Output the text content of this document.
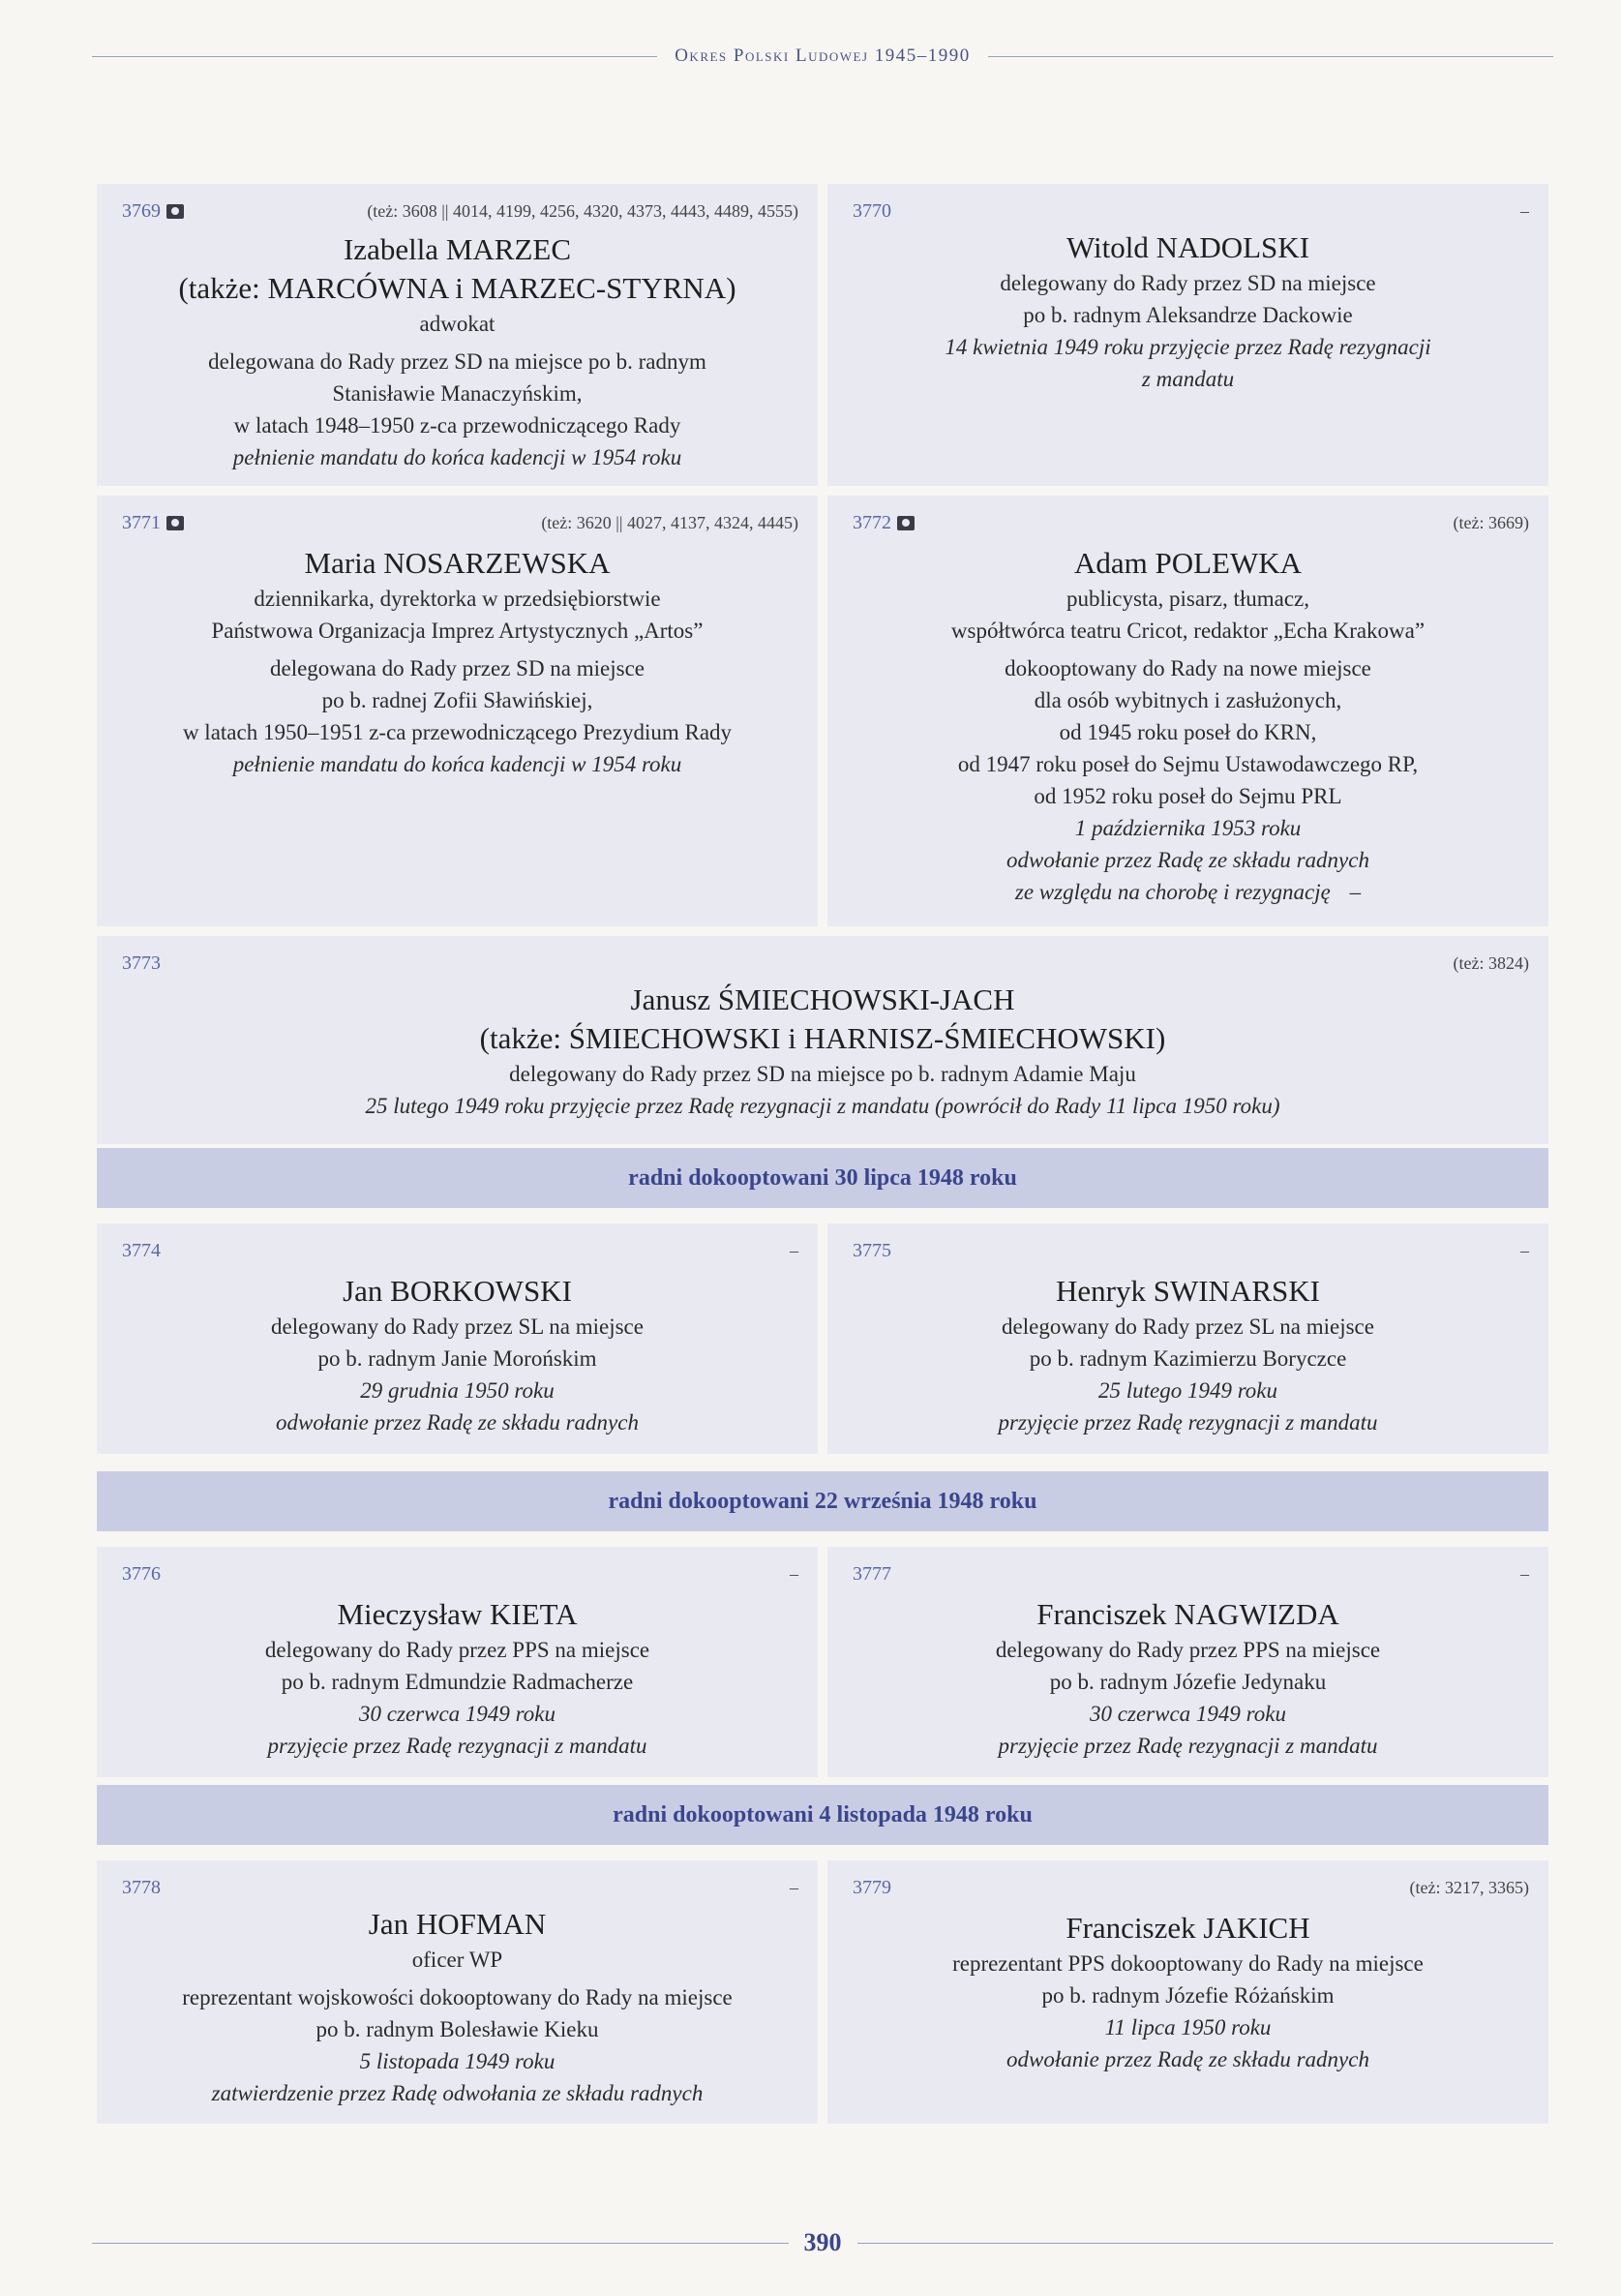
Okres Polski Ludowej 1945–1990
3769	(też: 3608 || 4014, 4199, 4256, 4320, 4373, 4443, 4489, 4555)
Izabella MARZEC
(także: MARCÓWNA i MARZEC-STYRNA)
adwokat
delegowana do Rady przez SD na miejsce po b. radnym
Stanisławie Manaczyńskim,
w latach 1948–1950 z-ca przewodniczącego Rady
pełnienie mandatu do końca kadencji w 1954 roku
3770	–
Witold NADOLSKI
delegowany do Rady przez SD na miejsce
po b. radnym Aleksandrze Dackowie
14 kwietnia 1949 roku przyjęcie przez Radę rezygnacji
z mandatu
3771	(też: 3620 || 4027, 4137, 4324, 4445)
Maria NOSARZEWSKA
dziennikarka, dyrektorka w przedsiębiorstwie
Państwowa Organizacja Imprez Artystycznych „Artos”
delegowana do Rady przez SD na miejsce
po b. radnej Zofii Sławińskiej,
w latach 1950–1951 z-ca przewodniczącego Prezydium Rady
pełnienie mandatu do końca kadencji w 1954 roku
3772	(też: 3669)
Adam POLEWKA
publicysta, pisarz, tłumacz,
współtwórca teatru Cricot, redaktor „Echa Krakowa”
dokooptowany do Rady na nowe miejsce
dla osób wybitnych i zasłużonych,
od 1945 roku poseł do KRN,
od 1947 roku poseł do Sejmu Ustawodawczego RP,
od 1952 roku poseł do Sejmu PRL
1 października 1953 roku
odwołanie przez Radę ze składu radnych
ze względu na chorobę i rezygnację –
3773	(też: 3824)
Janusz ŚMIECHOWSKI-JACH
(także: ŚMIECHOWSKI i HARNISZ-ŚMIECHOWSKI)
delegowany do Rady przez SD na miejsce po b. radnym Adamie Maju
25 lutego 1949 roku przyjęcie przez Radę rezygnacji z mandatu (powrócił do Rady 11 lipca 1950 roku)
radni dokooptowani 30 lipca 1948 roku
3774	–
Jan BORKOWSKI
delegowany do Rady przez SL na miejsce
po b. radnym Janie Morońskim
29 grudnia 1950 roku
odwołanie przez Radę ze składu radnych
3775	–
Henryk SWINARSKI
delegowany do Rady przez SL na miejsce
po b. radnym Kazimierzu Boryczce
25 lutego 1949 roku
przyjęcie przez Radę rezygnacji z mandatu
radni dokooptowani 22 września 1948 roku
3776	–
Mieczysław KIETA
delegowany do Rady przez PPS na miejsce
po b. radnym Edmundzie Radmacherze
30 czerwca 1949 roku
przyjęcie przez Radę rezygnacji z mandatu
3777	–
Franciszek NAGWIZDA
delegowany do Rady przez PPS na miejsce
po b. radnym Józefie Jedynaku
30 czerwca 1949 roku
przyjęcie przez Radę rezygnacji z mandatu
radni dokooptowani 4 listopada 1948 roku
3778	–
Jan HOFMAN
oficer WP
reprezentant wojskowości dokooptowany do Rady na miejsce
po b. radnym Bolesławie Kieku
5 listopada 1949 roku
zatwierdzenie przez Radę odwołania ze składu radnych
3779	(też: 3217, 3365)
Franciszek JAKICH
reprezentant PPS dokooptowany do Rady na miejsce
po b. radnym Józefie Różańskim
11 lipca 1950 roku
odwołanie przez Radę ze składu radnych
390
